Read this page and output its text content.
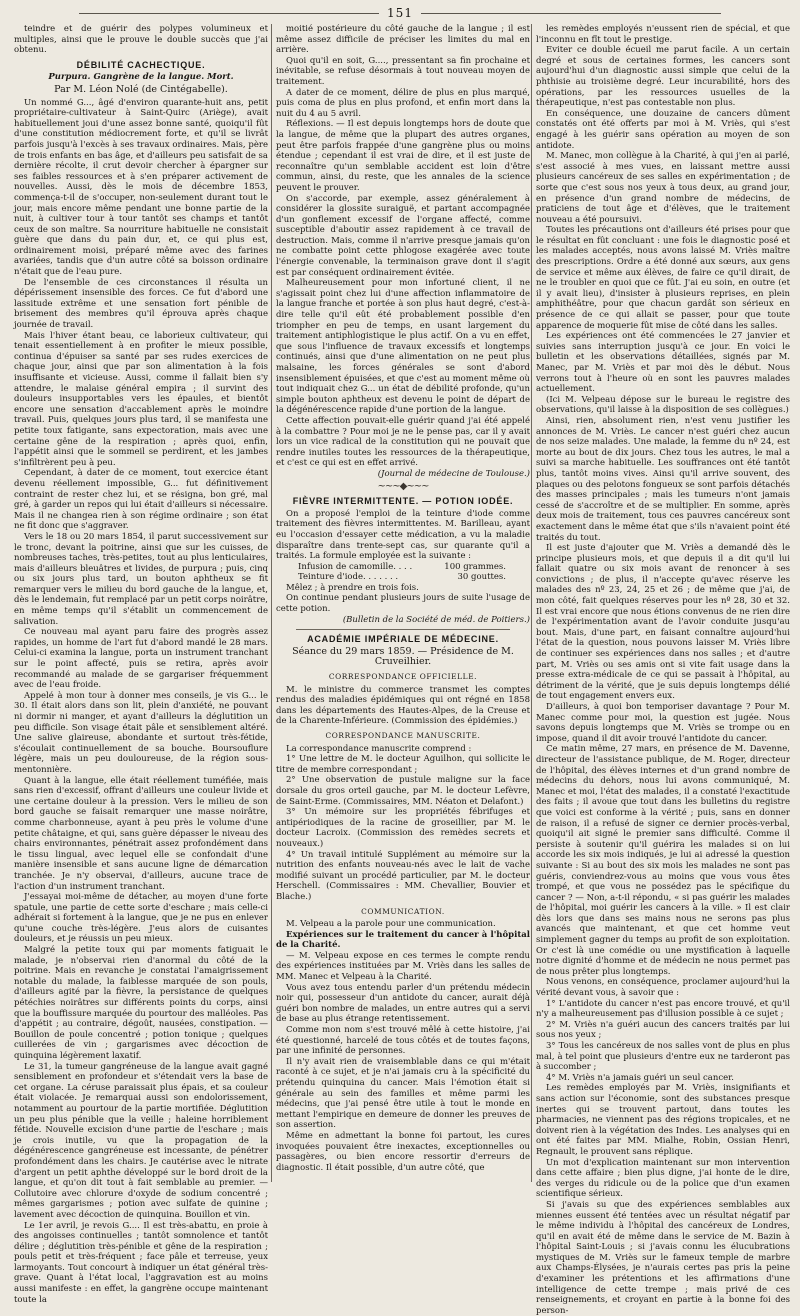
151

teindre et de guérir des polypes volumineux et multiples, ainsi que le prouve le double succès que j'ai obtenu.

DÉBILITÉ CACHECTIQUE.
Purpura. Gangrène de la langue. Mort.
Par M. Léon Nolé (de Cintégabelle).

Un nommé G..., âgé d'environ quarante-huit ans, petit propriétaire-cultivateur à Saint-Quirc (Ariège), avait habituellement joui d'une assez bonne santé, quoiqu'il fût d'une constitution médiocrement forte, et qu'il se livrât parfois jusqu'à l'excès à ses travaux ordinaires. Mais, père de trois enfants en bas âge, et d'ailleurs peu satisfait de sa dernière récolte, il crut devoir chercher à épargner sur ses faibles ressources et à s'en préparer activement de nouvelles. Aussi, dès le mois de décembre 1853, commença-t-il de s'occuper, non-seulement durant tout le jour, mais encore même pendant une bonne partie de la nuit, à cultiver tour à tour tantôt ses champs et tantôt ceux de son maître. Sa nourriture habituelle ne consistait guère que dans du pain dur, et, ce qui plus est, ordinairement moisi, préparé même avec des farines avariées, tandis que d'un autre côté sa boisson ordinaire n'était que de l'eau pure.

De l'ensemble de ces circonstances il résulta un dépérissement insensible des forces. Ce fut d'abord une lassitude extrême et une sensation fort pénible de brisement des membres qu'il éprouva après chaque journée de travail.

Mais l'hiver étant beau, ce laborieux cultivateur, qui tenait essentiellement à en profiter le mieux possible, continua d'épuiser sa santé par ses rudes exercices de chaque jour, ainsi que par son alimentation à la fois insuffisante et vicieuse. Aussi, comme il fallait bien s'y attendre, le malaise général empira ; il survint des douleurs insupportables vers les épaules, et bientôt encore une sensation d'accablement après le moindre travail. Puis, quelques jours plus tard, il se manifesta une petite toux fatigante, sans expectoration, mais avec une certaine gêne de la respiration ; après quoi, enfin, l'appétit ainsi que le sommeil se perdirent, et les jambes s'infiltrèrent peu à peu.

Cependant, à dater de ce moment, tout exercice étant devenu réellement impossible, G... fut définitivement contraint de rester chez lui, et se résigna, bon gré, mal gré, à garder un repos qui lui était d'ailleurs si nécessaire. Mais il ne changea rien à son régime ordinaire ; son état ne fit donc que s'aggraver.

Vers le 18 ou 20 mars 1854, il parut successivement sur le tronc, devant la poitrine, ainsi que sur les cuisses, de nombreuses taches, très-petites, tout au plus lenticulaires, mais d'ailleurs bleuâtres et livides, de purpura ; puis, cinq ou six jours plus tard, un bouton aphtheux se fit remarquer vers le milieu du bord gauche de la langue, et, dès le lendemain, fut remplacé par un petit corps noirâtre, en même temps qu'il s'établit un commencement de salivation.

Ce nouveau mal ayant paru faire des progrès assez rapides, un homme de l'art fut d'abord mandé le 28 mars. Celui-ci examina la langue, porta un instrument tranchant sur le point affecté, puis se retira, après avoir recommandé au malade de se gargariser fréquemment avec de l'eau froide.

Appelé à mon tour à donner mes conseils, je vis G... le 30. Il était alors dans son lit, plein d'anxiété, ne pouvant ni dormir ni manger, et ayant d'ailleurs la déglutition un peu difficile. Son visage était pâle et sensiblement altéré. Une salive glaireuse, abondante et surtout très-fétide, s'écoulait continuellement de sa bouche. Boursouflure légère, mais un peu douloureuse, de la région sous-mentonnière.

Quant à la langue, elle était réellement tuméfiée, mais sans rien d'excessif, offrant d'ailleurs une couleur livide et une certaine douleur à la pression. Vers le milieu de son bord gauche se faisait remarquer une masse noirâtre, comme charbonneuse, ayant à peu près le volume d'une petite châtaigne, et qui, sans guère dépasser le niveau des chairs environnantes, pénétrait assez profondément dans le tissu lingual, avec lequel elle se confondait d'une manière insensible et sans aucune ligne de démarcation tranchée. Je n'y observai, d'ailleurs, aucune trace de l'action d'un instrument tranchant.

J'essayai moi-même de détacher, au moyen d'une forte spatule, une partie de cette sorte d'eschare ; mais celle-ci adhérait si fortement à la langue, que je ne pus en enlever qu'une couche très-légère. J'eus alors de cuisantes douleurs, et je réussis un peu mieux.

Malgré la petite toux qui par moments fatiguait le malade, je n'observai rien d'anormal du côté de la poitrine. Mais en revanche je constatai l'amaigrissement notable du malade, la faiblesse marquée de son pouls, d'ailleurs agité par la fièvre, la persistance de quelques pétéchies noirâtres sur différents points du corps, ainsi que la bouffissure marquée du pourtour des malléoles. Pas d'appétit ; au contraire, dégoût, nausées, constipation. — Bouillon de poule concentré ; potion tonique ; quelques cuillerées de vin ; gargarismes avec décoction de quinquina légèrement laxatif.

Le 31, la tumeur gangréneuse de la langue avait gagné sensiblement en profondeur et s'étendait vers la base de cet organe. La céruse paraissait plus épais, et sa couleur était violacée. Je remarquai aussi son endolorissement, notamment au pourtour de la partie mortifiée. Déglutition un peu plus pénible que la veille ; haleine horriblement fétide. Nouvelle excision d'une partie de l'eschare ; mais je crois inutile, vu que la propagation de la dégénérescence gangréneuse est incessante, de pénétrer profondément dans les chairs. Je cautérise avec le nitrate d'argent un petit aphthe développé sur le bord droit de la langue, et qu'on dit tout à fait semblable au premier. — Collutoire avec chlorure d'oxyde de sodium concentré ; mêmes gargarismes ; potion avec sulfate de quinine ; lavement avec décoction de quinquina. Bouillon et vin.

Le 1er avril, je revois G.... Il est très-abattu, en proie à des angoisses continuelles ; tantôt somnolence et tantôt délire ; déglutition très-pénible et gêne de la respiration ; pouls petit et très-fréquent ; face pâle et terreuse, yeux larmoyants. Tout concourt à indiquer un état général très-grave. Quant à l'état local, l'aggravation est au moins aussi manifeste : en effet, la gangrène occupe maintenant toute la

moitié postérieure du côté gauche de la langue ; il est même assez difficile de préciser les limites du mal en arrière.

Quoi qu'il en soit, G...., pressentant sa fin prochaine et inévitable, se refuse désormais à tout nouveau moyen de traitement.

A dater de ce moment, délire de plus en plus marqué, puis coma de plus en plus profond, et enfin mort dans la nuit du 4 au 5 avril.

Réflexions. — Il est depuis longtemps hors de doute que la langue, de même que la plupart des autres organes, peut être parfois frappée d'une gangrène plus ou moins étendue ; cependant il est vrai de dire, et il est juste de reconnaître qu'un semblable accident est loin d'être commun, ainsi, du reste, que les annales de la science peuvent le prouver.

On s'accorde, par exemple, assez généralement à considérer la glossite suraiguë, et partant accompagnée d'un gonflement excessif de l'organe affecté, comme susceptible d'aboutir assez rapidement à ce travail de destruction. Mais, comme il n'arrive presque jamais qu'on ne combatte point cette phlogose exagérée avec toute l'énergie convenable, la terminaison grave dont il s'agit est par conséquent ordinairement évitée.

Malheureusement pour mon infortuné client, il ne s'agissait point chez lui d'une affection inflammatoire de la langue franche et portée à son plus haut degré, c'est-à-dire telle qu'il eût été probablement possible d'en triompher en peu de temps, en usant largement du traitement antiphlogistique le plus actif. On a vu en effet, que sous l'influence de travaux excessifs et longtemps continués, ainsi que d'une alimentation on ne peut plus malsaine, les forces générales se sont d'abord insensiblement épuisées, et que c'est au moment même où tout indiquait chez G... un état de débilité profonde, qu'un simple bouton aphtheux est devenu le point de départ de la dégénérescence rapide d'une portion de la langue.

Cette affection pouvait-elle guérir quand j'ai été appelé à la combattre ? Pour moi je ne le pense pas, car il y avait lors un vice radical de la constitution qui ne pouvait que rendre inutiles toutes les ressources de la thérapeutique, et c'est ce qui est en effet arrivé.

(Journal de médecine de Toulouse.)
~~~◆~~~
FIÈVRE INTERMITTENTE. — POTION IODÉE.

On a proposé l'emploi de la teinture d'iode comme traitement des fièvres intermittentes. M. Barilleau, ayant eu l'occasion d'essayer cette médication, a vu la maladie disparaître dans trente-sept cas, sur quarante qu'il a traités. La formule employée est la suivante :

Infusion de camomille. . . .	100 grammes.
Teinture d'iode. . . . . . .	30 gouttes.

Mêlez ; à prendre en trois fois.

On continue pendant plusieurs jours de suite l'usage de cette potion.

(Bulletin de la Société de méd. de Poitiers.)
ACADÉMIE IMPÉRIALE DE MÉDECINE.
Séance du 29 mars 1859. — Présidence de M. Cruveilhier.
CORRESPONDANCE OFFICIELLE.

M. le ministre du commerce transmet les comptes rendus des maladies épidémiques qui ont régné en 1858 dans les départements des Hautes-Alpes, de la Creuse et de la Charente-Inférieure. (Commission des épidémies.)

CORRESPONDANCE MANUSCRITE.

La correspondance manuscrite comprend :

1° Une lettre de M. le docteur Aguilhon, qui sollicite le titre de membre correspondant ;

2° Une observation de pustule maligne sur la face dorsale du gros orteil gauche, par M. le docteur Lefèvre, de Saint-Erme. (Commissaires, MM. Néaton et Delafont.)

3° Un mémoire sur les propriétés fébrifuges et antipériodiques de la racine de groseillier, par M. le docteur Lacroix. (Commission des remèdes secrets et nouveaux.)

4° Un travail intitulé Supplément au mémoire sur la nutrition des enfants nouveau-nés avec le lait de vache modifié suivant un procédé particulier, par M. le docteur Herschell. (Commissaires : MM. Chevallier, Bouvier et Blache.)

COMMUNICATION.

M. Velpeau a la parole pour une communication.

Expériences sur le traitement du cancer à l'hôpital de la Charité.

— M. Velpeau expose en ces termes le compte rendu des expériences instituées par M. Vriès dans les salles de MM. Manec et Velpeau à la Charité.

Vous avez tous entendu parler d'un prétendu médecin noir qui, possesseur d'un antidote du cancer, aurait déjà guéri bon nombre de malades, un entre autres qui a servi de base au plus étrange retentissement.

Comme mon nom s'est trouvé mêlé à cette histoire, j'ai été questionné, harcelé de tous côtés et de toutes façons, par une infinité de personnes.

Il n'y avait rien de vraisemblable dans ce qui m'était raconté à ce sujet, et je n'ai jamais cru à la spécificité du prétendu quinquina du cancer. Mais l'émotion était si générale au sein des familles et même parmi les médecins, que j'ai pensé être utile à tout le monde en mettant l'empirique en demeure de donner les preuves de son assertion.

Même en admettant la bonne foi partout, les cures invoquées pouvaient être inexactes, exceptionnelles ou passagères, ou bien encore ressortir d'erreurs de diagnostic. Il était possible, d'un autre côté, que

les remèdes employés n'eussent rien de spécial, et que l'inconnu en fît tout le prestige.

Eviter ce double écueil me parut facile. A un certain degré et sous de certaines formes, les cancers sont aujourd'hui d'un diagnostic aussi simple que celui de la phthisie au troisième degré. Leur incurabilité, hors des opérations, par les ressources usuelles de la thérapeutique, n'est pas contestable non plus.

En conséquence, une douzaine de cancers dûment constatés ont été offerts par moi à M. Vriès, qui s'est engagé à les guérir sans opération au moyen de son antidote.

M. Manec, mon collègue à la Charité, à qui j'en ai parlé, s'est associé à mes vues, en laissant mettre aussi plusieurs cancéreux de ses salles en expérimentation ; de sorte que c'est sous nos yeux à tous deux, au grand jour, en présence d'un grand nombre de médecins, de praticiens de tout âge et d'élèves, que le traitement nouveau a été poursuivi.

Toutes les précautions ont d'ailleurs été prises pour que le résultat en fût concluant : une fois le diagnostic posé et les malades acceptés, nous avons laissé M. Vriès maître des prescriptions. Ordre a été donné aux sœurs, aux gens de service et même aux élèves, de faire ce qu'il dirait, de ne le troubler en quoi que ce fût. J'ai eu soin, en outre (et il y avait lieu), d'insister à plusieurs reprises, en plein amphithéâtre, pour que chacun gardât son sérieux en présence de ce qui allait se passer, pour que toute apparence de moquerie fût mise de côté dans les salles.

Les expériences ont été commencées le 27 janvier et suivies sans interruption jusqu'à ce jour. En voici le bulletin et les observations détaillées, signés par M. Manec, par M. Vriès et par moi dès le début. Nous verrons tout à l'heure où en sont les pauvres malades actuellement.

(Ici M. Velpeau dépose sur le bureau le registre des observations, qu'il laisse à la disposition de ses collègues.)

Ainsi, rien, absolument rien, n'est venu justifier les annonces de M. Vriès. Le cancer n'est guéri chez aucun de nos seize malades. Une malade, la femme du nº 24, est morte au bout de dix jours. Chez tous les autres, le mal a suivi sa marche habituelle. Les souffrances ont été tantôt plus, tantôt moins vives. Ainsi qu'il arrive souvent, des plaques ou des pelotons fongueux se sont parfois détachés des masses principales ; mais les tumeurs n'ont jamais cessé de s'accroître et de se multiplier. En somme, après deux mois de traitement, tous ces pauvres cancéreux sont exactement dans le même état que s'ils n'avaient point été traités du tout.

Il est juste d'ajouter que M. Vriès a demandé dès le principe plusieurs mois, et que depuis il a dit qu'il lui fallait quatre ou six mois avant de renoncer à ses convictions ; de plus, il n'accepte qu'avec réserve les malades des nº 23, 24, 25 et 26 ; de même que j'ai, de mon côté, fait quelques réserves pour les nº 28, 30 et 32. Il est vrai encore que nous étions convenus de ne rien dire de l'expérimentation avant de l'avoir conduite jusqu'au bout. Mais, d'une part, en faisant connaître aujourd'hui l'état de la question, nous pouvons laisser M. Vriès libre de continuer ses expériences dans nos salles ; et d'autre part, M. Vriès ou ses amis ont si vite fait usage dans la presse extra-médicale de ce qui se passait à l'hôpital, au détriment de la vérité, que je suis depuis longtemps délié de tout engagement envers eux.

D'ailleurs, à quoi bon temporiser davantage ? Pour M. Manec comme pour moi, la question est jugée. Nous savons depuis longtemps que M. Vriès se trompe ou en impose, quand il dit avoir trouvé l'antidote du cancer.

Ce matin même, 27 mars, en présence de M. Davenne, directeur de l'assistance publique, de M. Roger, directeur de l'hôpital, des élèves internes et d'un grand nombre de médecins du dehors, nous lui avons communiqué, M. Manec et moi, l'état des malades, il a constaté l'exactitude des faits ; il avoue que tout dans les bulletins du registre que voici est conforme à la vérité ; puis, sans en donner de raison, il a refusé de signer ce dernier procès-verbal, quoiqu'il ait signé le premier sans difficulté. Comme il persiste à soutenir qu'il guérira les malades si on lui accorde les six mois indiqués, je lui ai adressé la question suivante : Si au bout des six mois les malades ne sont pas guéris, conviendrez-vous au moins que vous vous êtes trompé, et que vous ne possédez pas le spécifique du cancer ? — Non, a-t-il répondu, « si pas guérir les malades de l'hôpital, moi guérir les cancers à la ville. » Il est clair dès lors que dans ses mains nous ne serons pas plus avancés que maintenant, et que cet homme veut simplement gagner du temps au profit de son exploitation. Or c'est là une comédie ou une mystification à laquelle notre dignité d'homme et de médecin ne nous permet pas de nous prêter plus longtemps.

Nous venons, en conséquence, proclamer aujourd'hui la vérité devant vous, à savoir que :

1° L'antidote du cancer n'est pas encore trouvé, et qu'il n'y a malheureusement pas d'illusion possible à ce sujet ;

2° M. Vriès n'a guéri aucun des cancers traités par lui sous nos yeux ;

3° Tous les cancéreux de nos salles vont de plus en plus mal, à tel point que plusieurs d'entre eux ne tarderont pas à succomber ;

4° M. Vriès n'a jamais guéri un seul cancer.

Les remèdes employés par M. Vriès, insignifiants et sans action sur l'économie, sont des substances presque inertes qui se trouvent partout, dans toutes les pharmacies, ne viennent pas des régions tropicales, et ne doivent rien à la végétation des Indes. Les analyses qui en ont été faites par MM. Mialhe, Robin, Ossian Henri, Regnault, le prouvent sans réplique.

Un mot d'explication maintenant sur mon intervention dans cette affaire ; bien plus digne, j'ai honte de le dire, des verges du ridicule ou de la police que d'un examen scientifique sérieux.

Si j'avais su que des expériences semblables aux miennes eussent été tentées avec un résultat négatif par le même individu à l'hôpital des cancéreux de Londres, qu'il en avait été de même dans le service de M. Bazin à l'hôpital Saint-Louis ; si j'avais connu les élucubrations mystiques de M. Vriès sur le fameux temple de marbre aux Champs-Élysées, je n'aurais certes pas pris la peine d'examiner les prétentions et les affirmations d'une intelligence de cette trempe ; mais privé de ces renseignements, et croyant en partie à la bonne foi des person-
